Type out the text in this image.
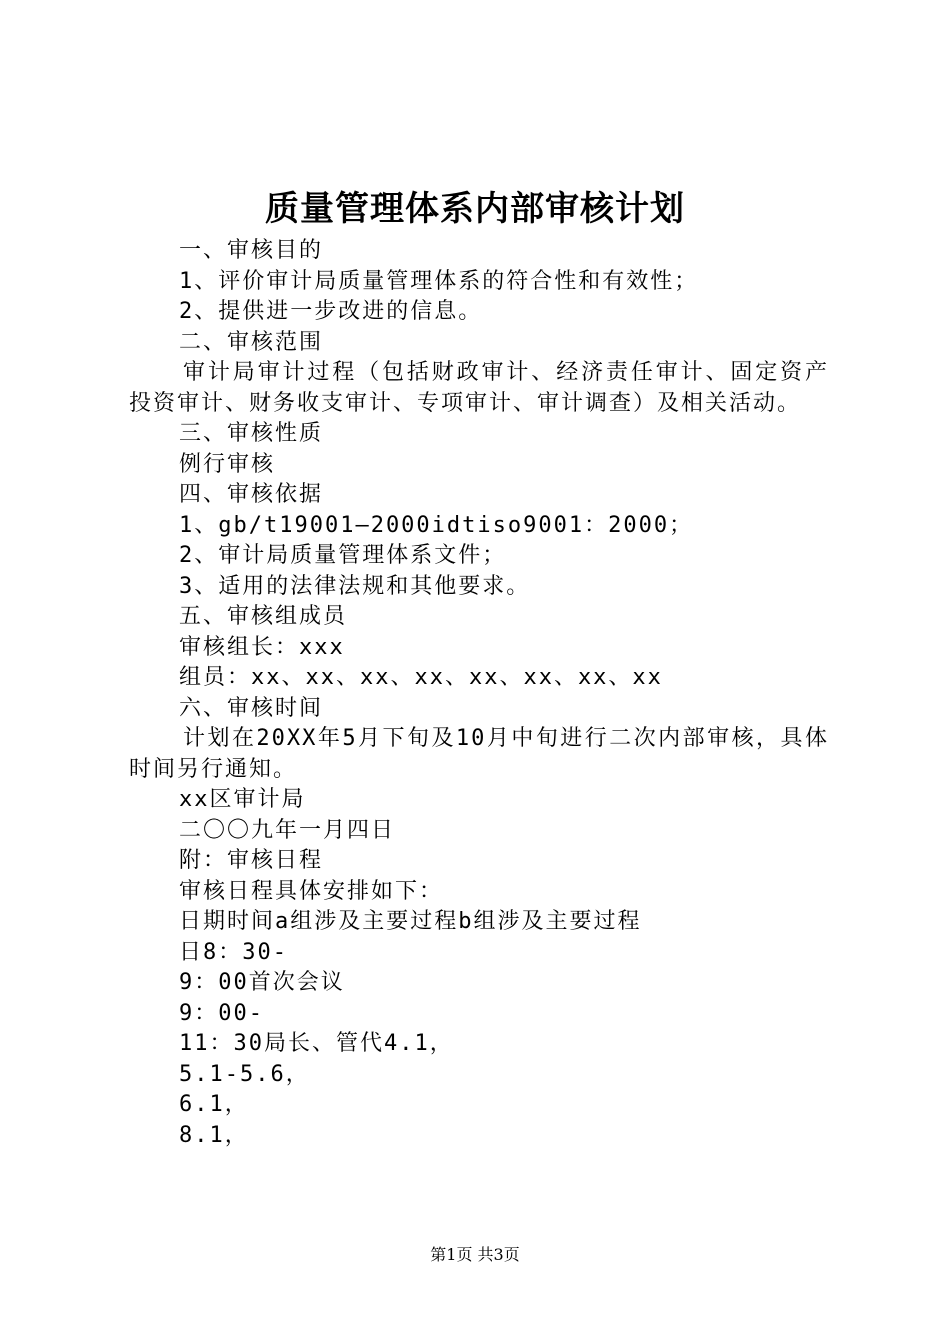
质量管理体系内部审核计划
一、审核目的
1、评价审计局质量管理体系的符合性和有效性；
2、提供进一步改进的信息。
二、审核范围
审计局审计过程（包括财政审计、经济责任审计、固定资产投资审计、财务收支审计、专项审计、审计调查）及相关活动。
三、审核性质
例行审核
四、审核依据
1、gb/t19001—2000idtiso9001：2000；
2、审计局质量管理体系文件；
3、适用的法律法规和其他要求。
五、审核组成员
审核组长：xxx
组员：xx、xx、xx、xx、xx、xx、xx、xx
六、审核时间
计划在20XX年5月下旬及10月中旬进行二次内部审核，具体时间另行通知。
xx区审计局
二〇〇九年一月四日
附：审核日程
审核日程具体安排如下：
日期时间a组涉及主要过程b组涉及主要过程
日8：30-
9：00首次会议
9：00-
11：30局长、管代4.1，
5.1-5.6，
6.1，
8.1，
第1页 共3页
